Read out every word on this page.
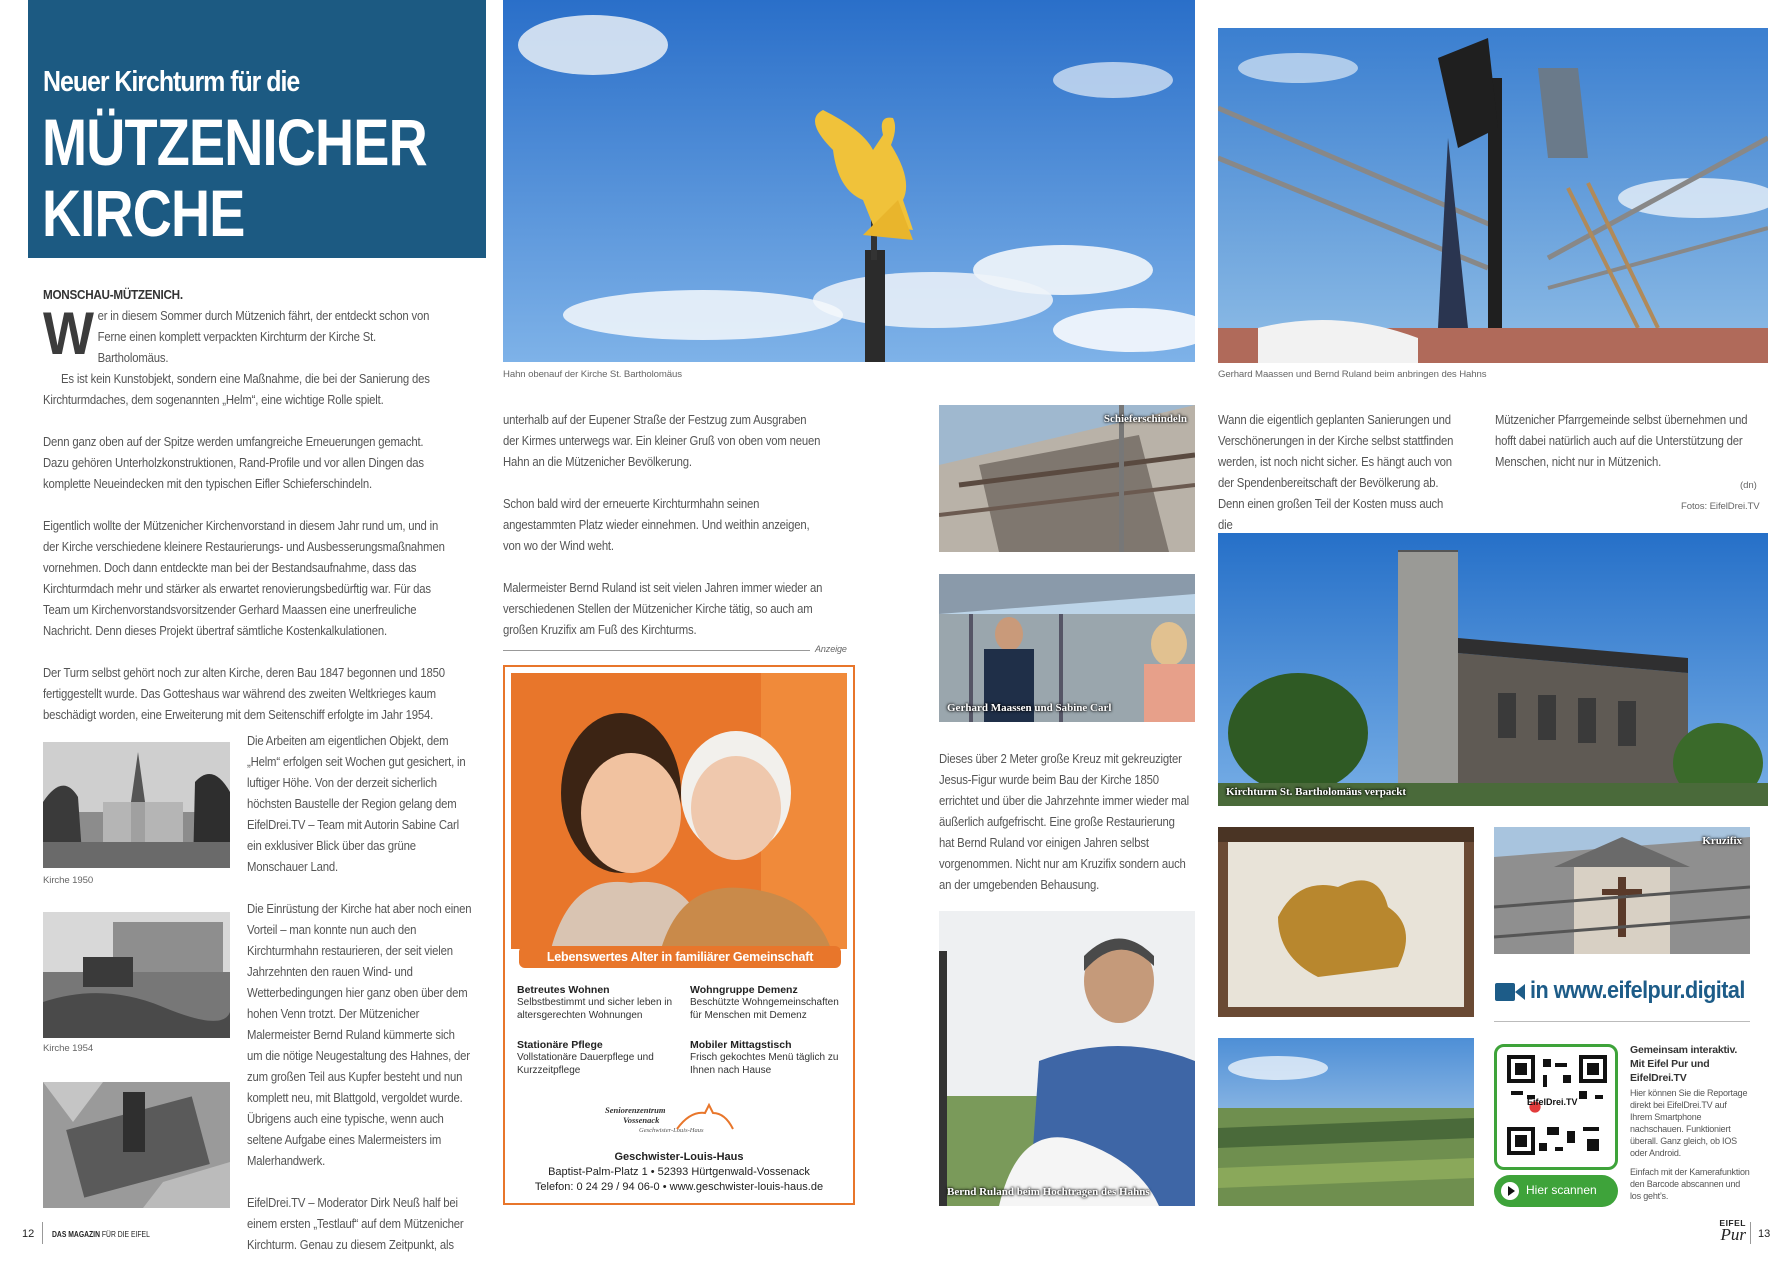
Neuer Kirchturm für die
MÜTZENICHER
KIRCHE
MONSCHAU-MÜTZENICH.

Wer in diesem Sommer durch Mützenich fährt, der entdeckt schon von Ferne einen komplett verpackten Kirchturm der Kirche St. Bartholomäus.
Es ist kein Kunstobjekt, sondern eine Maßnahme, die bei der Sanierung des Kirchturmdaches, dem sogenannten „Helm“, eine wichtige Rolle spielt.

Denn ganz oben auf der Spitze werden umfangreiche Erneuerungen gemacht. Dazu gehören Unterholzkonstruktionen, Rand-Profile und vor allen Dingen das komplette Neueindecken mit den typischen Eifler Schieferschindeln.

Eigentlich wollte der Mützenicher Kirchenvorstand in diesem Jahr rund um, und in der Kirche verschiedene kleinere Restaurierungs- und Ausbesserungsmaßnahmen vornehmen. Doch dann entdeckte man bei der Bestandsaufnahme, dass das Kirchturmdach mehr und stärker als erwartet renovierungsbedürftig war. Für das Team um Kirchenvorstandsvorsitzender Gerhard Maassen eine unerfreuliche Nachricht. Denn dieses Projekt übertraf sämtliche Kostenkalkulationen.

Der Turm selbst gehört noch zur alten Kirche, deren Bau 1847 begonnen und 1850 fertiggestellt wurde. Das Gotteshaus war während des zweiten Weltkrieges kaum beschädigt worden, eine Erweiterung mit dem Seitenschiff erfolgte im Jahr 1954.

Kirche 1950
Kirche 1954

Die Arbeiten am eigentlichen Objekt, dem „Helm“ erfolgen seit Wochen gut gesichert, in luftiger Höhe. Von der derzeit sicherlich höchsten Baustelle der Region gelang dem EifelDrei.TV – Team mit Autorin Sabine Carl ein exklusiver Blick über das grüne Monschauer Land.

Die Einrüstung der Kirche hat aber noch einen Vorteil – man konnte nun auch den Kirchturmhahn restaurieren, der seit vielen Jahrzehnten den rauen Wind- und Wetterbedingungen hier ganz oben über dem hohen Venn trotzt. Der Mützenicher Malermeister Bernd Ruland kümmerte sich um die nötige Neugestaltung des Hahnes, der zum großen Teil aus Kupfer besteht und nun komplett neu, mit Blattgold, vergoldet wurde. Übrigens auch eine typische, wenn auch seltene Aufgabe eines Malermeisters im Malerhandwerk.

EifelDrei.TV – Moderator Dirk Neuß half bei einem ersten „Testlauf“ auf dem Mützenicher Kirchturm. Genau zu diesem Zeitpunkt, als

Hahn obenauf der Kirche St. Bartholomäus

unterhalb auf der Eupener Straße der Festzug zum Ausgraben der Kirmes unterwegs war. Ein kleiner Gruß von oben vom neuen Hahn an die Mützenicher Bevölkerung.

Schon bald wird der erneuerte Kirchturmhahn seinen angestammten Platz wieder einnehmen. Und weithin anzeigen, von wo der Wind weht.

Malermeister Bernd Ruland ist seit vielen Jahren immer wieder an verschiedenen Stellen der Mützenicher Kirche tätig, so auch am großen Kruzifix am Fuß des Kirchturms.

Anzeige
Lebenswertes Alter in familiärer Gemeinschaft
Betreutes Wohnen
Selbstbestimmt und sicher leben in altersgerechten Wohnungen
Wohngruppe Demenz
Beschützte Wohngemeinschaften für Menschen mit Demenz
Stationäre Pflege
Vollstationäre Dauerpflege und Kurzzeitpflege
Mobiler Mittagstisch
Frisch gekochtes Menü täglich zu Ihnen nach Hause
Seniorenzentrum
Vossenack
Geschwister-Louis-Haus
Geschwister-Louis-Haus
Baptist-Palm-Platz 1 • 52393 Hürtgenwald-Vossenack
Telefon: 0 24 29 / 94 06-0 • www.geschwister-louis-haus.de
Schieferschindeln
Gerhard Maassen und Sabine Carl

Dieses über 2 Meter große Kreuz mit gekreuzigter Jesus-Figur wurde beim Bau der Kirche 1850 errichtet und über die Jahrzehnte immer wieder mal äußerlich aufgefrischt. Eine große Restaurierung hat Bernd Ruland vor einigen Jahren selbst vorgenommen. Nicht nur am Kruzifix sondern auch an der umgebenden Behausung.

Bernd Ruland beim Hochtragen des Hahns
Gerhard Maassen und Bernd Ruland beim anbringen des Hahns

Wann die eigentlich geplanten Sanierungen und Verschönerungen in der Kirche selbst stattfinden werden, ist noch nicht sicher. Es hängt auch von der Spendenbereitschaft der Bevölkerung ab. Denn einen großen Teil der Kosten muss auch die

Mützenicher Pfarrgemeinde selbst übernehmen und hofft dabei natürlich auch auf die Unterstützung der Menschen, nicht nur in Mützenich.

(dn)
Fotos: EifelDrei.TV
Kirchturm St. Bartholomäus verpackt
Kruzifix
in www.eifelpur.digital
EifelDrei.TV
Hier scannen
Gemeinsam interaktiv. Mit Eifel Pur und EifelDrei.TV
Hier können Sie die Reportage direkt bei EifelDrei.TV auf Ihrem Smartphone nachschauen. Funktioniert überall. Ganz gleich, ob IOS oder Android.
Einfach mit der Kamerafunktion den Barcode abscannen und los geht’s.
12 DAS MAGAZIN FÜR DIE EIFEL
EIFEL
Pur 13
